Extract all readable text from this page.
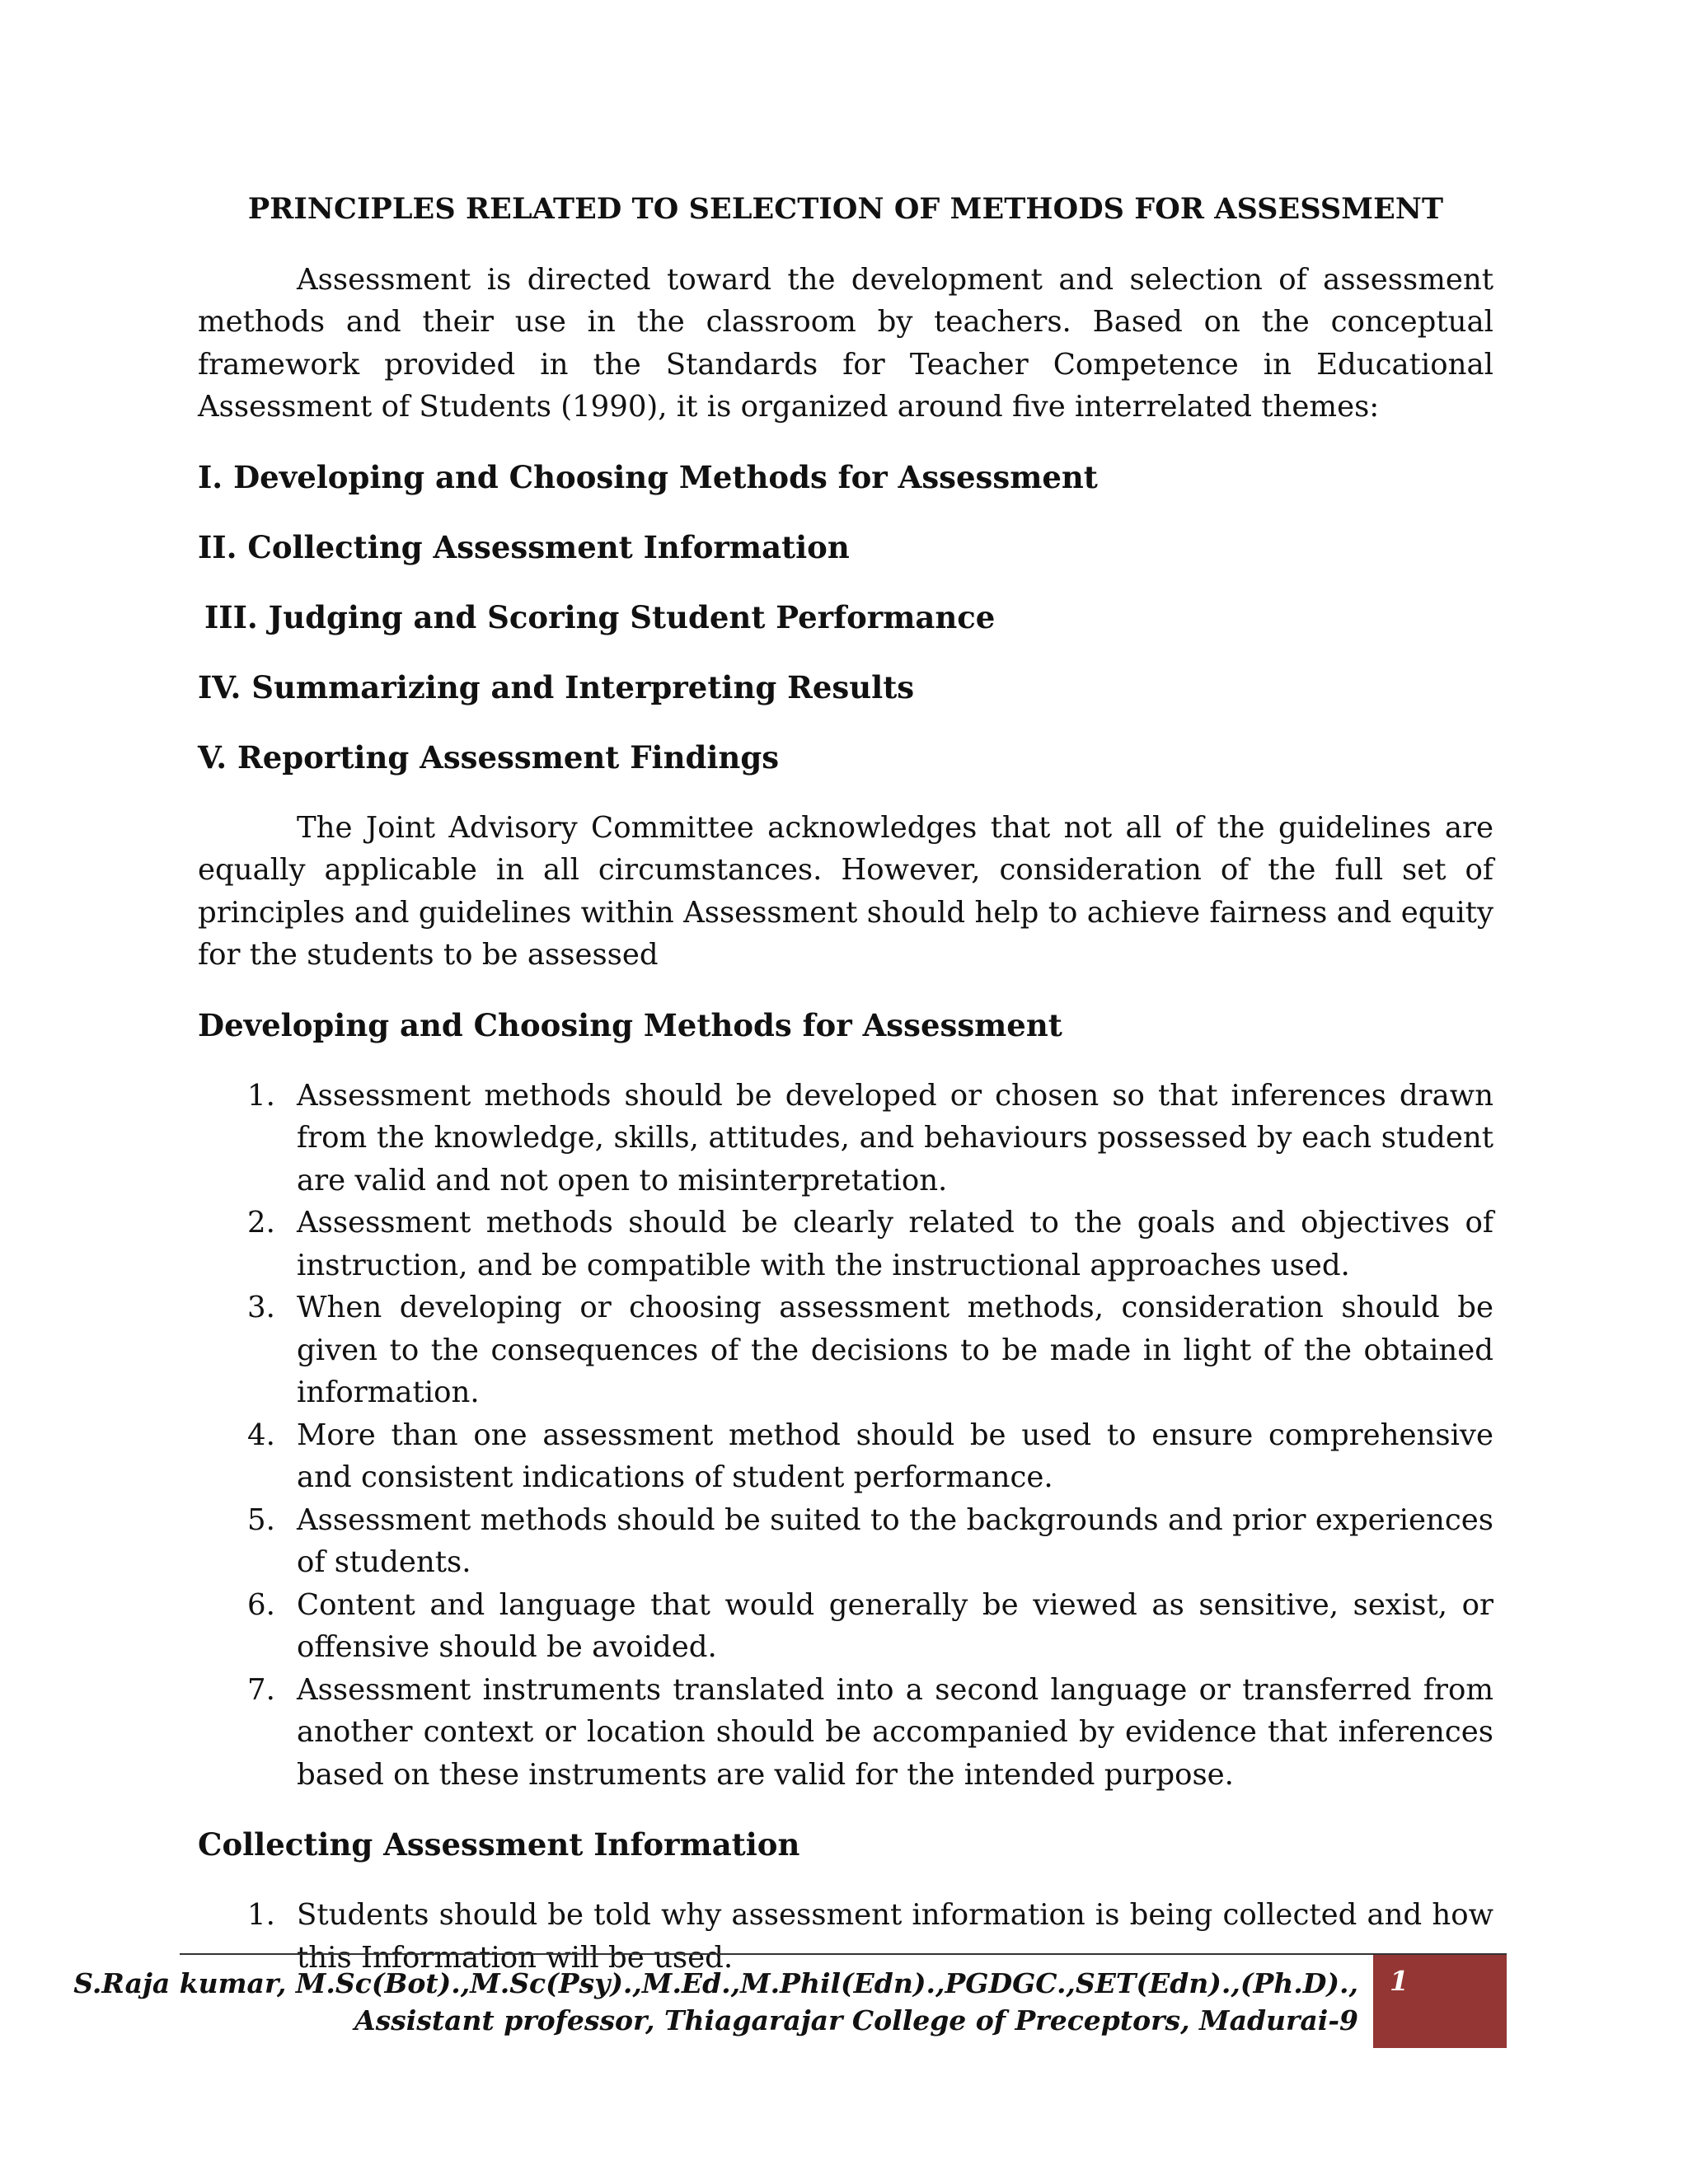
PRINCIPLES RELATED TO SELECTION OF METHODS FOR ASSESSMENT

Assessment is directed toward the development and selection of assessment methods and their use in the classroom by teachers. Based on the conceptual framework provided in the Standards for Teacher Competence in Educational Assessment of Students (1990), it is organized around five interrelated themes:

I. Developing and Choosing Methods for Assessment
II. Collecting Assessment Information
III. Judging and Scoring Student Performance
IV. Summarizing and Interpreting Results
V. Reporting Assessment Findings

The Joint Advisory Committee acknowledges that not all of the guidelines are equally applicable in all circumstances. However, consideration of the full set of principles and guidelines within Assessment should help to achieve fairness and equity for the students to be assessed

Developing and Choosing Methods for Assessment
1. Assessment methods should be developed or chosen so that inferences drawn from the knowledge, skills, attitudes, and behaviours possessed by each student are valid and not open to misinterpretation.
2. Assessment methods should be clearly related to the goals and objectives of instruction, and be compatible with the instructional approaches used.
3. When developing or choosing assessment methods, consideration should be given to the consequences of the decisions to be made in light of the obtained information.
4. More than one assessment method should be used to ensure comprehensive and consistent indications of student performance.
5. Assessment methods should be suited to the backgrounds and prior experiences of students.
6. Content and language that would generally be viewed as sensitive, sexist, or offensive should be avoided.
7. Assessment instruments translated into a second language or transferred from another context or location should be accompanied by evidence that inferences based on these instruments are valid for the intended purpose.
Collecting Assessment Information
1. Students should be told why assessment information is being collected and how this Information will be used.
S.Raja kumar, M.Sc(Bot).,M.Sc(Psy).,M.Ed.,M.Phil(Edn).,PGDGC.,SET(Edn).,(Ph.D).,
Assistant professor, Thiagarajar College of Preceptors, Madurai-9
1
